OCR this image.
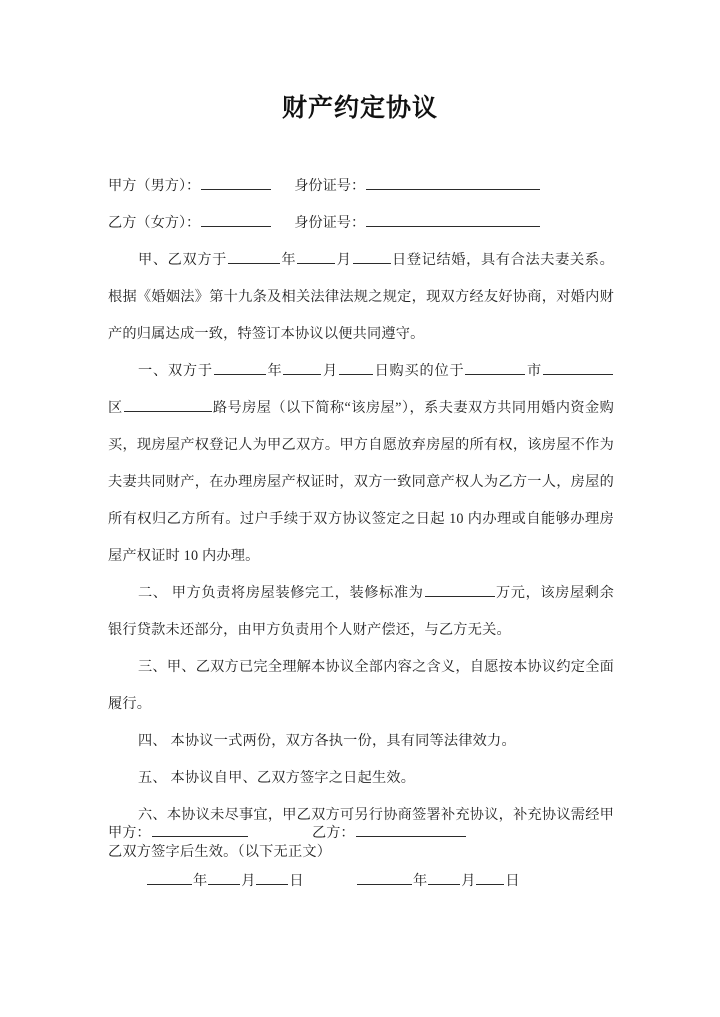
财产约定协议
甲方（男方）：	身份证号：
乙方（女方）：	身份证号：

甲、乙双方于	年	月	日登记结婚，具有合法夫妻关系。根据《婚姻法》第十九条及相关法律法规之规定，现双方经友好协商，对婚内财产的归属达成一致，特签订本协议以便共同遵守。

一、双方于	年	月	日购买的位于	市区	路号房屋（以下简称“该房屋”），系夫妻双方共同用婚内资金购买，现房屋产权登记人为甲乙双方。甲方自愿放弃房屋的所有权，该房屋不作为夫妻共同财产，在办理房屋产权证时，双方一致同意产权人为乙方一人，房屋的所有权归乙方所有。过户手续于双方协议签定之日起 10 内办理或自能够办理房屋产权证时 10 内办理。

二、 甲方负责将房屋装修完工，装修标准为	万元，该房屋剩余银行贷款未还部分，由甲方负责用个人财产偿还，与乙方无关。

三、甲、乙双方已完全理解本协议全部内容之含义，自愿按本协议约定全面履行。

四、 本协议一式两份，双方各执一份，具有同等法律效力。

五、 本协议自甲、乙双方签字之日起生效。

六、本协议未尽事宜，甲乙双方可另行协商签署补充协议，补充协议需经甲乙双方签字后生效。（以下无正文）

甲方：	乙方：
年 月 日	年 月 日
